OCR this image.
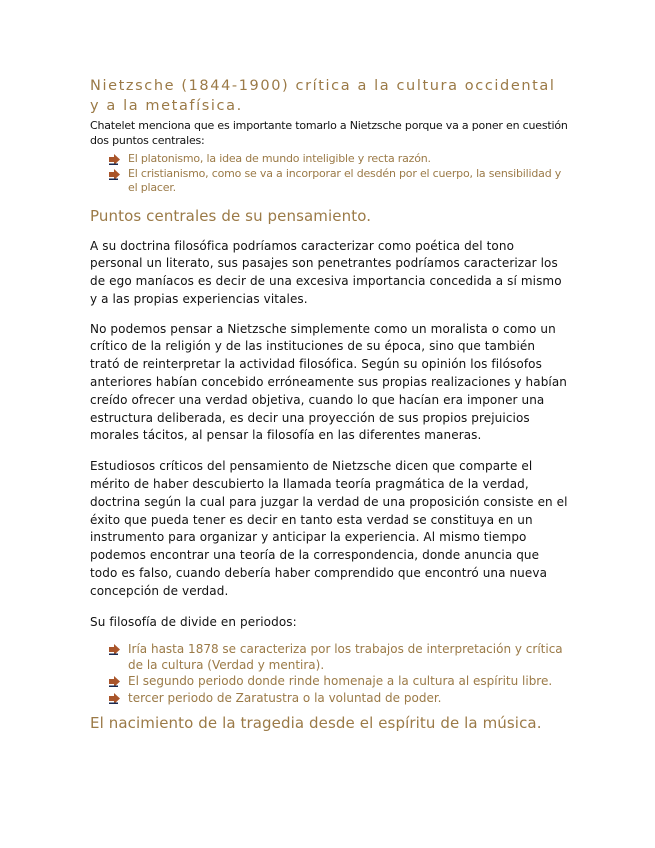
Nietzsche (1844-1900) crítica a la cultura occidental y a la metafísica.

Chatelet menciona que es importante tomarlo a Nietzsche porque va a poner en cuestión dos puntos centrales:

El platonismo, la idea de mundo inteligible y recta razón.
El cristianismo, como se va a incorporar el desdén por el cuerpo, la sensibilidad y el placer.
Puntos centrales de su pensamiento.

A su doctrina filosófica podríamos caracterizar como poética del tono personal un literato, sus pasajes son penetrantes podríamos caracterizar los de ego maníacos es decir de una excesiva importancia concedida a sí mismo y a las propias experiencias vitales.

No podemos pensar a Nietzsche simplemente como un moralista o como un crítico de la religión y de las instituciones de su época, sino que también trató de reinterpretar la actividad filosófica. Según su opinión los filósofos anteriores habían concebido erróneamente sus propias realizaciones y habían creído ofrecer una verdad objetiva, cuando lo que hacían era imponer una estructura deliberada, es decir una proyección de sus propios prejuicios morales tácitos, al pensar la filosofía en las diferentes maneras.

Estudiosos críticos del pensamiento de Nietzsche dicen que comparte el mérito de haber descubierto la llamada teoría pragmática de la verdad, doctrina según la cual para juzgar la verdad de una proposición consiste en el éxito que pueda tener es decir en tanto esta verdad se constituya en un instrumento para organizar y anticipar la experiencia. Al mismo tiempo podemos encontrar una teoría de la correspondencia, donde anuncia que todo es falso, cuando debería haber comprendido que encontró una nueva concepción de verdad.

Su filosofía de divide en periodos:

Iría hasta 1878 se caracteriza por los trabajos de interpretación y crítica de la cultura (Verdad y mentira).
El segundo periodo donde rinde homenaje a la cultura al espíritu libre.
tercer periodo de Zaratustra o la voluntad de poder.
El nacimiento de la tragedia desde el espíritu de la música.
